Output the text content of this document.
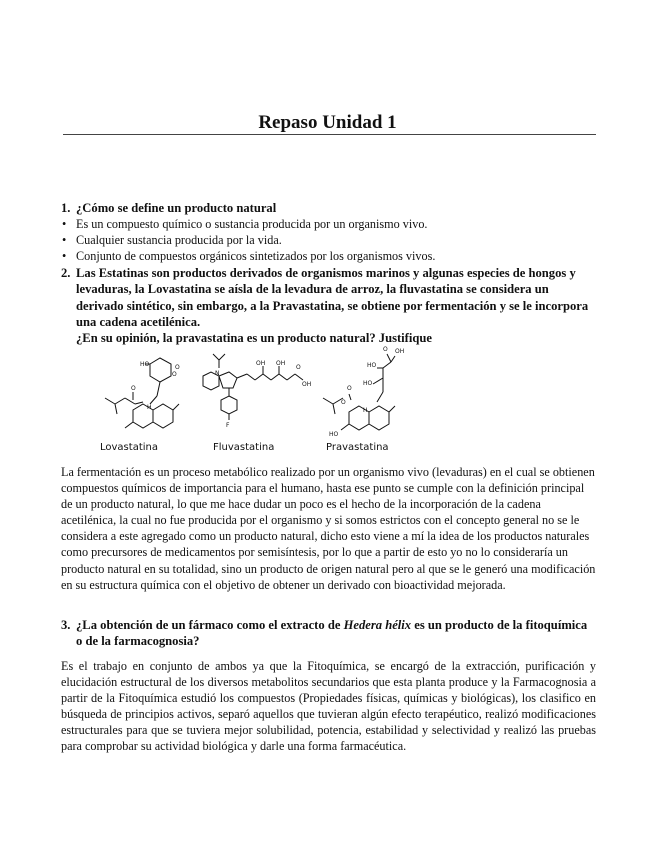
Repaso Unidad 1
1. ¿Cómo se define un producto natural
• Es un compuesto químico o sustancia producida por un organismo vivo.
• Cualquier sustancia producida por la vida.
• Conjunto de compuestos orgánicos sintetizados por los organismos vivos.
2. Las Estatinas son productos derivados de organismos marinos y algunas especies de hongos y levaduras, la Lovastatina se aísla de la levadura de arroz, la fluvastatina se considera un derivado sintético, sin embargo, a la Pravastatina, se obtiene por fermentación y se le incorpora una cadena acetilénica.
¿En su opinión, la pravastatina es un producto natural? Justifique
HO
O
O
O
H
N
OH OH
OH
O
F
O OH
HO
HO
O
O
H
HO
Lovastatina	Fluvastatina	Pravastatina
La fermentación es un proceso metabólico realizado por un organismo vivo (levaduras) en el cual se obtienen compuestos químicos de importancia para el humano, hasta ese punto se cumple con la definición principal de un producto natural, lo que me hace dudar un poco es el hecho de la incorporación de la cadena acetilénica, la cual no fue producida por el organismo y si somos estrictos con el concepto general no se le considera a este agregado como un producto natural, dicho esto viene a mí la idea de los productos naturales como precursores de medicamentos por semisíntesis, por lo que a partir de esto yo no lo consideraría un producto natural en su totalidad, sino un producto de origen natural pero al que se le generó una modificación en su estructura química con el objetivo de obtener un derivado con bioactividad mejorada.
3. ¿La obtención de un fármaco como el extracto de Hedera hélix es un producto de la fitoquímica o de la farmacognosia?
Es el trabajo en conjunto de ambos ya que la Fitoquímica, se encargó de la extracción, purificación y elucidación estructural de los diversos metabolitos secundarios que esta planta produce y la Farmacognosia a partir de la Fitoquímica estudió los compuestos (Propiedades físicas, químicas y biológicas), los clasifico en búsqueda de principios activos, separó aquellos que tuvieran algún efecto terapéutico, realizó modificaciones estructurales para que se tuviera mejor solubilidad, potencia, estabilidad y selectividad y realizó las pruebas para comprobar su actividad biológica y darle una forma farmacéutica.
